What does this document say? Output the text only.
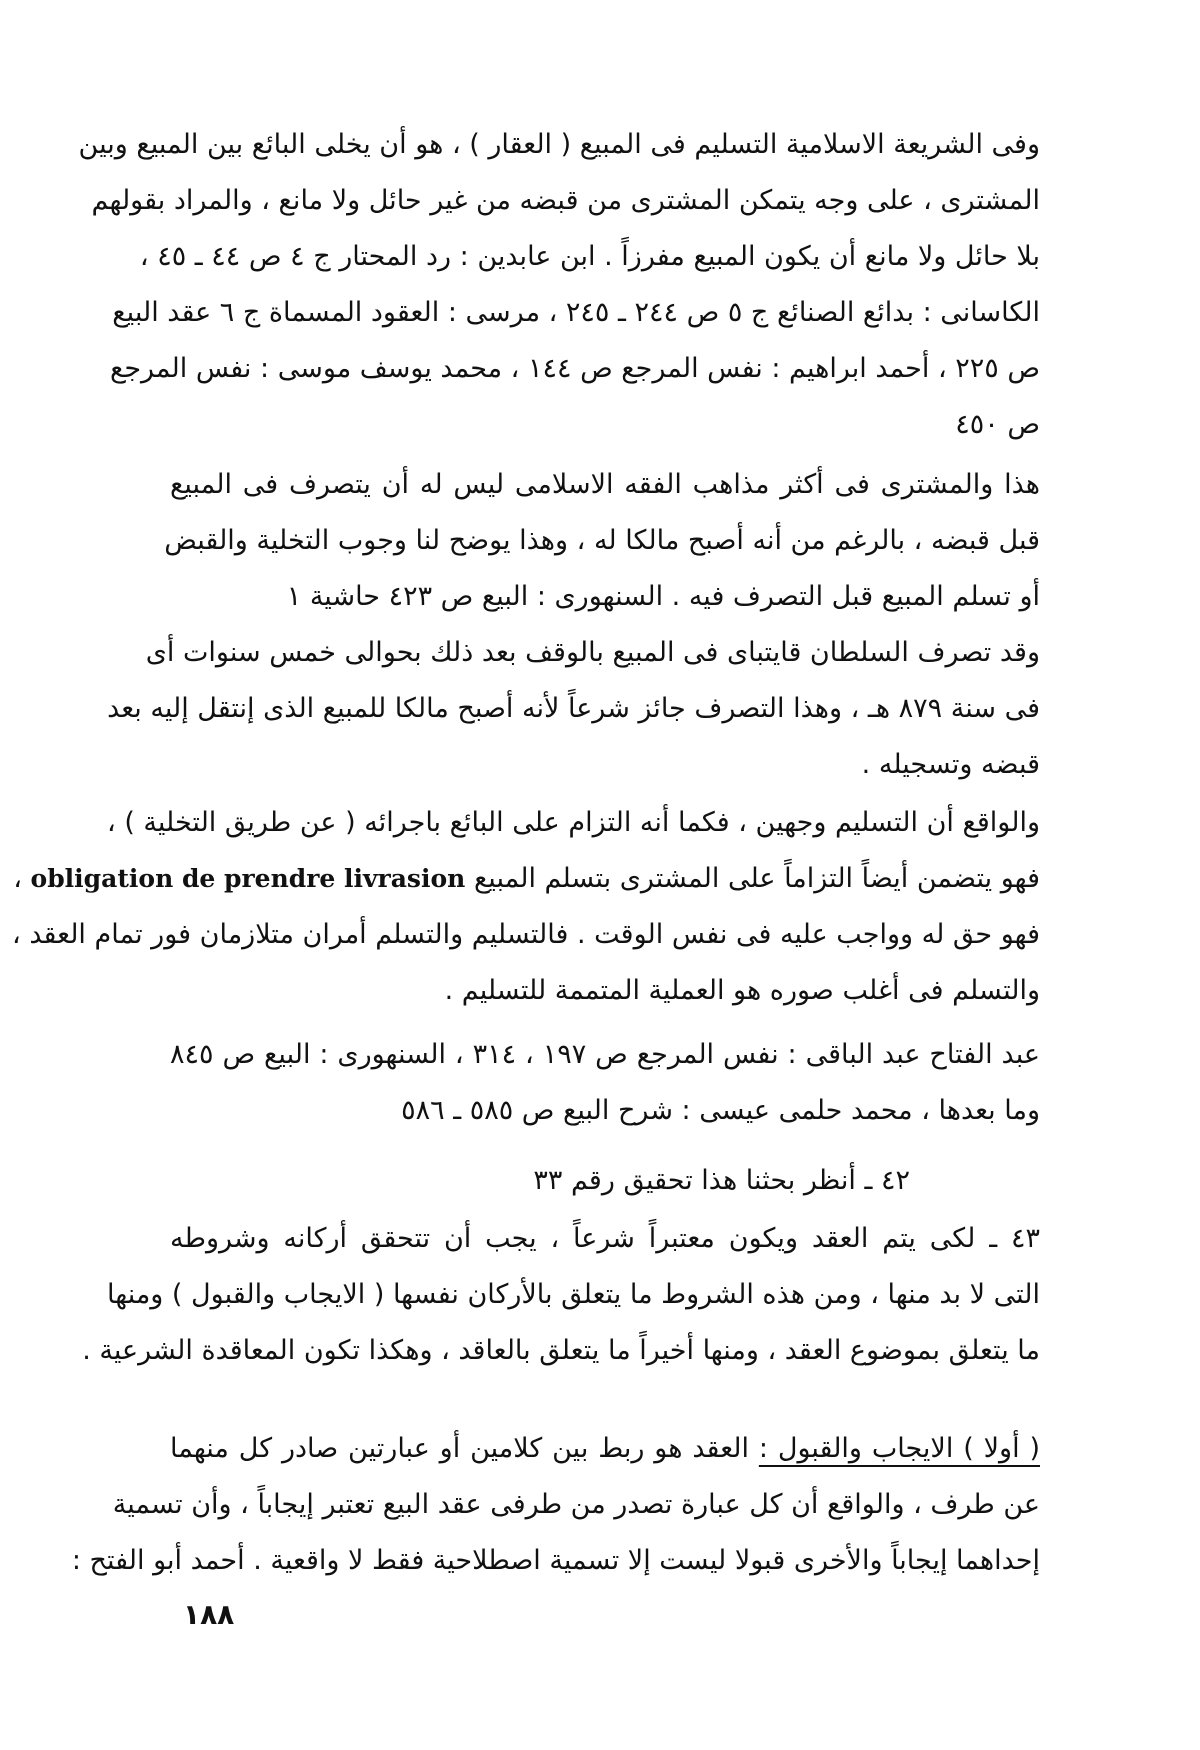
وفى الشريعة الاسلامية التسليم فى المبيع ( العقار ) ، هو أن يخلى البائع بين المبيع وبين
المشترى ، على وجه يتمكن المشترى من قبضه من غير حائل ولا مانع ، والمراد بقولهم
بلا حائل ولا مانع أن يكون المبيع مفرزاً . ابن عابدين : رد المحتار ج ٤ ص ٤٤ ـ ٤٥ ،
الكاسانى : بدائع الصنائع ج ٥ ص ٢٤٤ ـ ٢٤٥ ، مرسى : العقود المسماة ج ٦ عقد البيع
ص ٢٢٥ ، أحمد ابراهيم : نفس المرجع ص ١٤٤ ، محمد يوسف موسى : نفس المرجع
ص ٤٥٠
هذا والمشترى فى أكثر مذاهب الفقه الاسلامى ليس له أن يتصرف فى المبيع
قبل قبضه ، بالرغم من أنه أصبح مالكا له ، وهذا يوضح لنا وجوب التخلية والقبض
أو تسلم المبيع قبل التصرف فيه . السنهورى : البيع ص ٤٢٣ حاشية ١
وقد تصرف السلطان قايتباى فى المبيع بالوقف بعد ذلك بحوالى خمس سنوات أى
فى سنة ٨٧٩ هـ ، وهذا التصرف جائز شرعاً لأنه أصبح مالكا للمبيع الذى إنتقل إليه بعد
قبضه وتسجيله .
والواقع أن التسليم وجهين ، فكما أنه التزام على البائع باجرائه ( عن طريق التخلية ) ،
فهو يتضمن أيضاً التزاماً على المشترى بتسلم المبيع obligation de prendre livrasion ،
فهو حق له وواجب عليه فى نفس الوقت . فالتسليم والتسلم أمران متلازمان فور تمام العقد ،
والتسلم فى أغلب صوره هو العملية المتممة للتسليم .
عبد الفتاح عبد الباقى : نفس المرجع ص ١٩٧ ، ٣١٤ ، السنهورى : البيع ص ٨٤٥
وما بعدها ، محمد حلمى عيسى : شرح البيع ص ٥٨٥ ـ ٥٨٦
٤٢ ـ أنظر بحثنا هذا تحقيق رقم ٣٣
٤٣ ـ لكى يتم العقد ويكون معتبراً شرعاً ، يجب أن تتحقق أركانه وشروطه
التى لا بد منها ، ومن هذه الشروط ما يتعلق بالأركان نفسها ( الايجاب والقبول ) ومنها
ما يتعلق بموضوع العقد ، ومنها أخيراً ما يتعلق بالعاقد ، وهكذا تكون المعاقدة الشرعية .
( أولا ) الايجاب والقبول : العقد هو ربط بين كلامين أو عبارتين صادر كل منهما
عن طرف ، والواقع أن كل عبارة تصدر من طرفى عقد البيع تعتبر إيجاباً ، وأن تسمية
إحداهما إيجاباً والأخرى قبولا ليست إلا تسمية اصطلاحية فقط لا واقعية . أحمد أبو الفتح :
١٨٨
